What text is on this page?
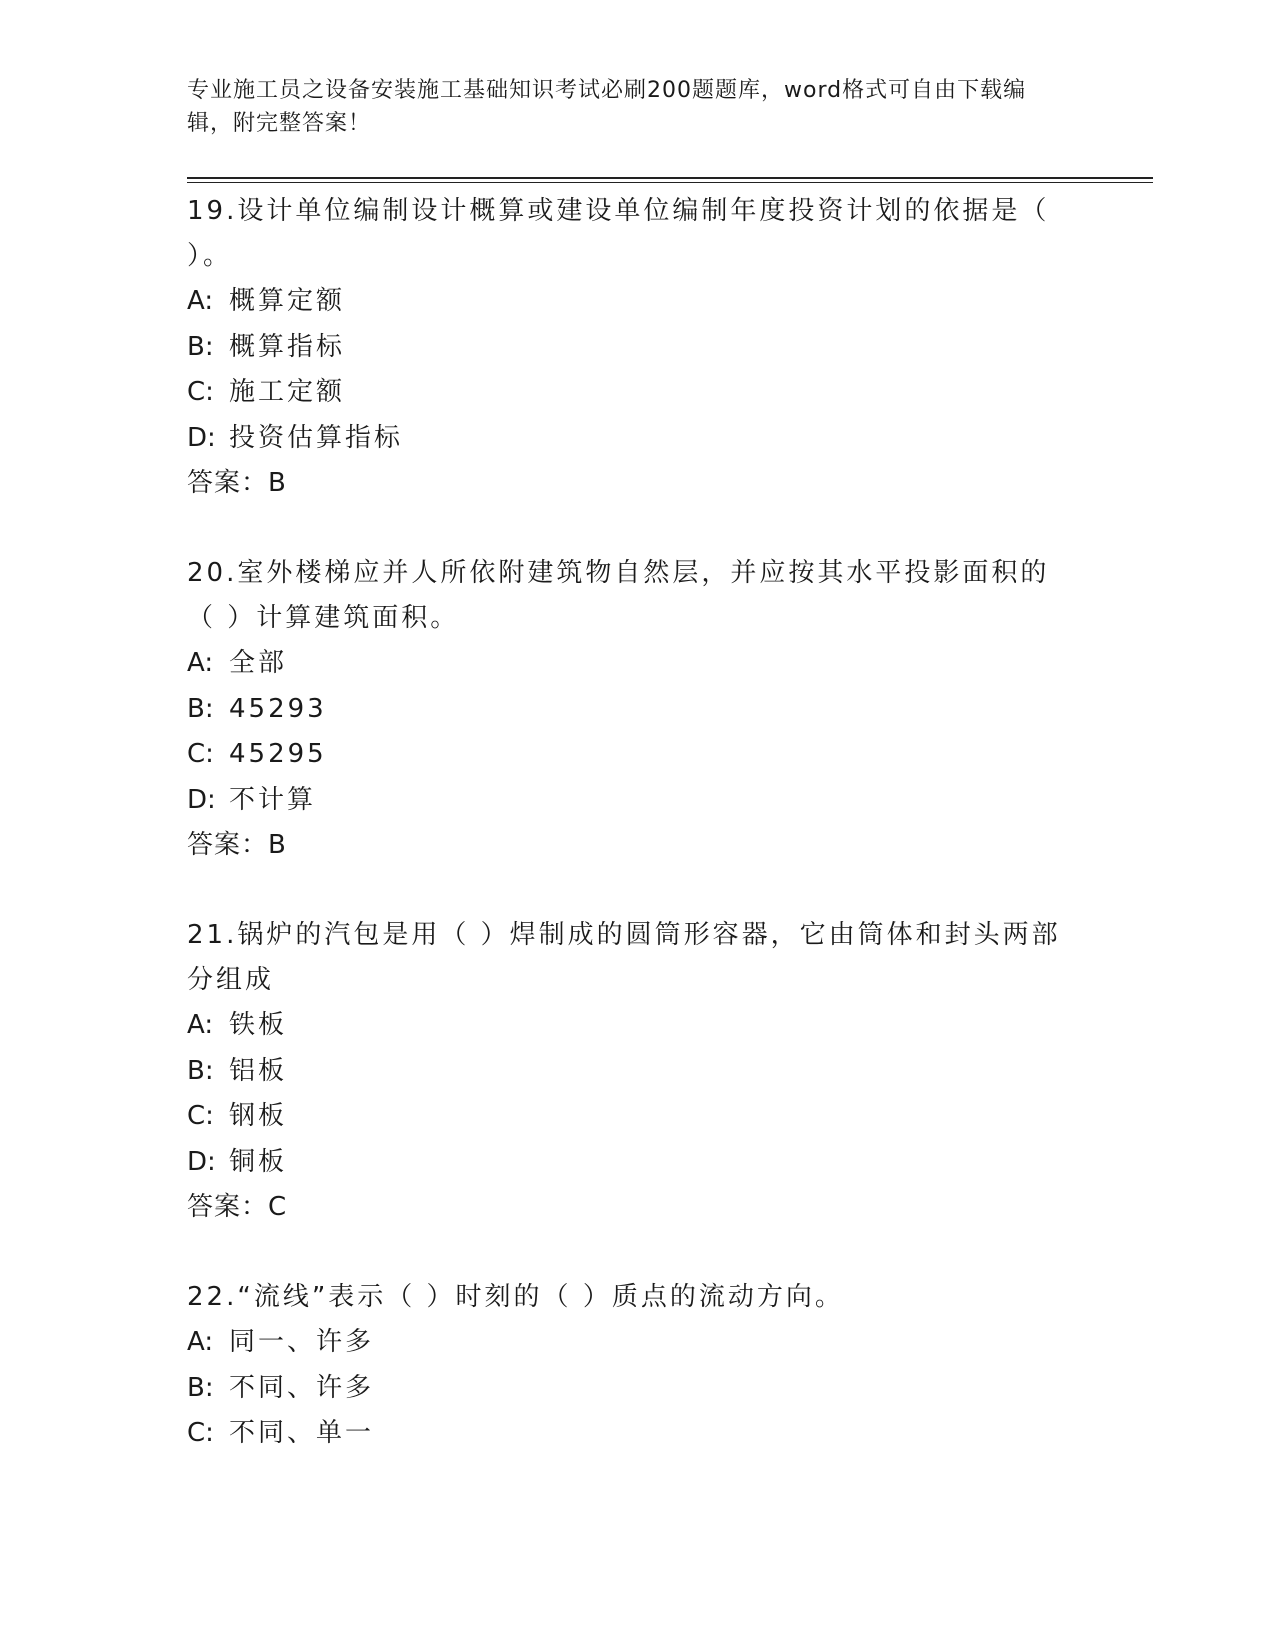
专业施工员之设备安装施工基础知识考试必刷200题题库，word格式可自由下载编辑，附完整答案！
19.设计单位编制设计概算或建设单位编制年度投资计划的依据是（ ）。
A: 概算定额
B: 概算指标
C: 施工定额
D: 投资估算指标
答案：B
20.室外楼梯应并人所依附建筑物自然层，并应按其水平投影面积的（ ）计算建筑面积。
A: 全部
B: 45293
C: 45295
D: 不计算
答案：B
21.锅炉的汽包是用（ ）焊制成的圆筒形容器，它由筒体和封头两部分组成
A: 铁板
B: 铝板
C: 钢板
D: 铜板
答案：C
22.“流线”表示（ ）时刻的（ ）质点的流动方向。
A: 同一、许多
B: 不同、许多
C: 不同、单一
